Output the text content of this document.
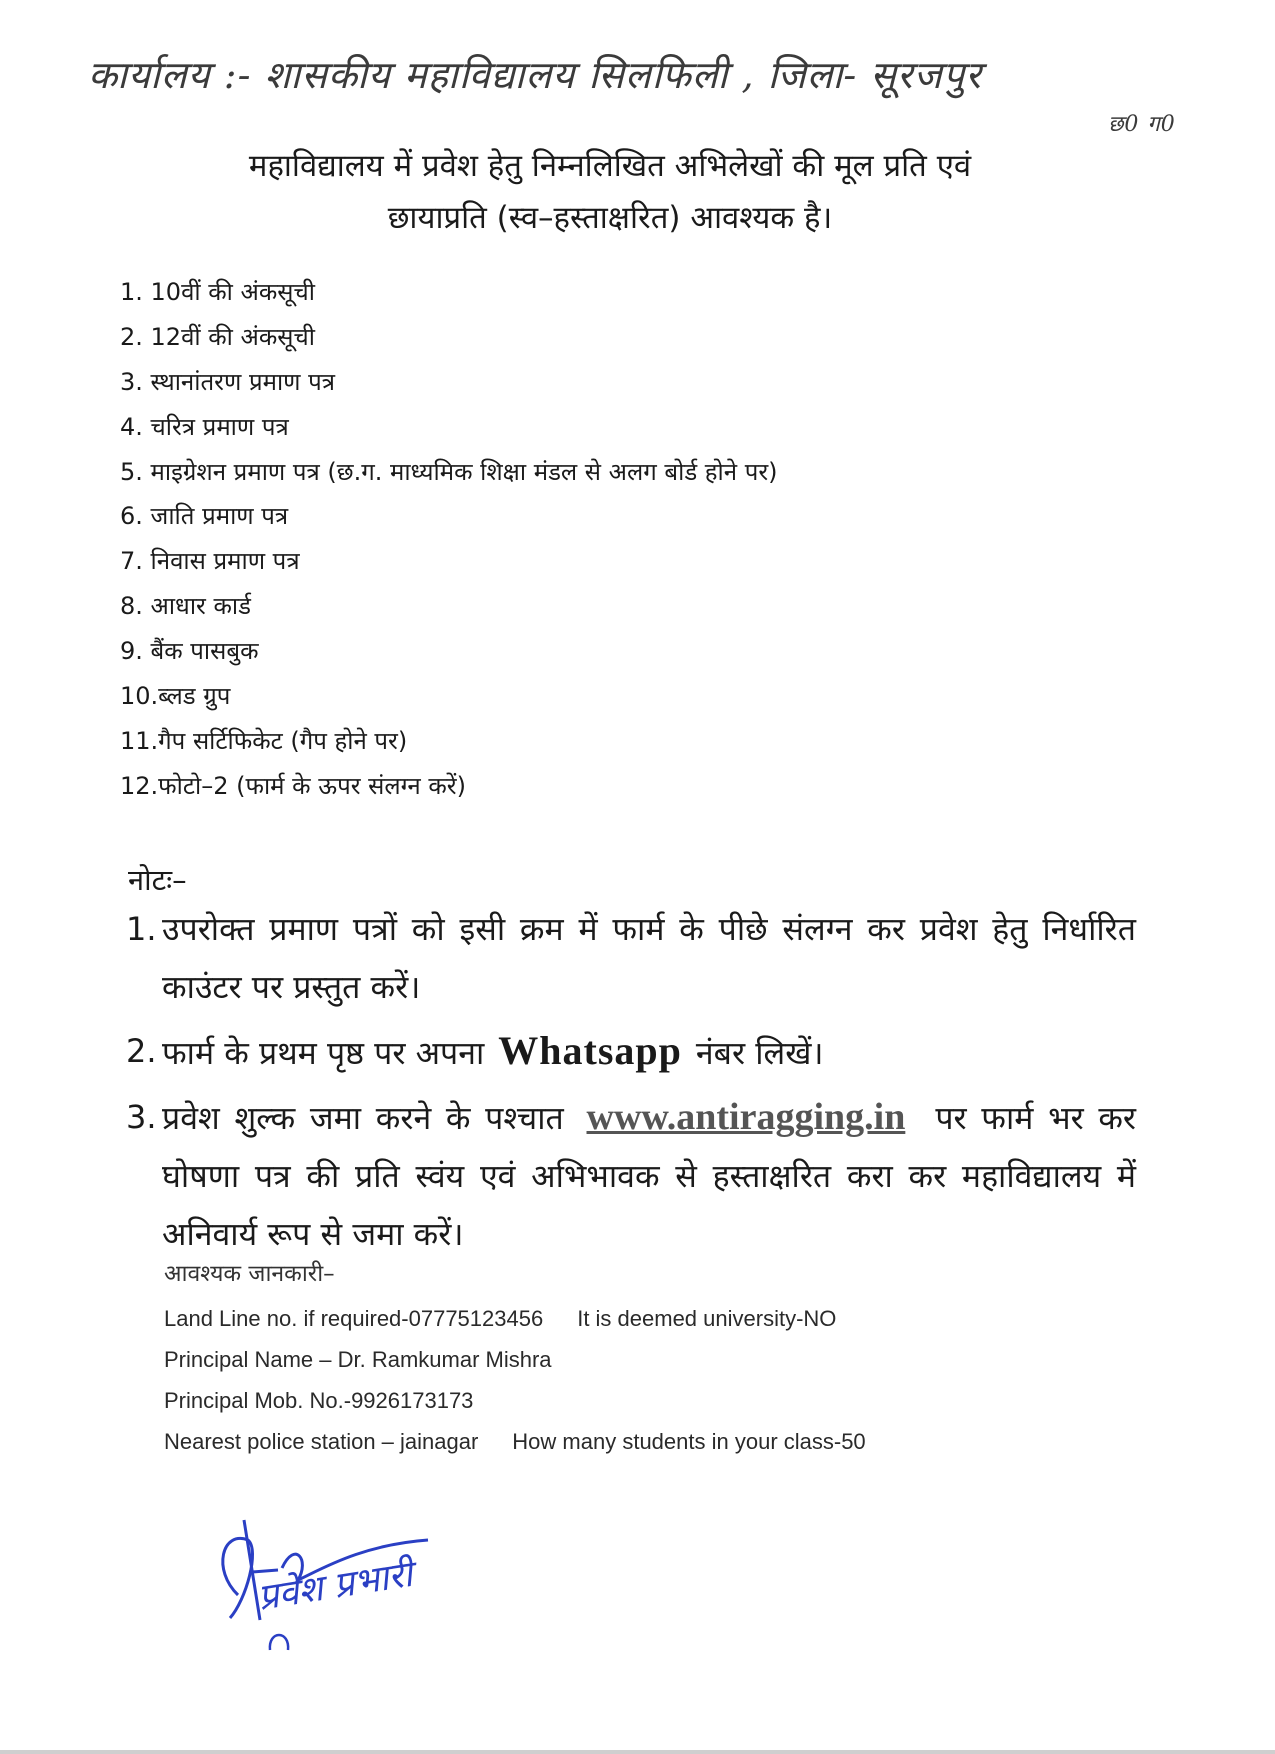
कार्यालय :- शासकीय महाविद्यालय सिलफिली , जिला- सूरजपुर
छ0 ग0
महाविद्यालय में प्रवेश हेतु निम्नलिखित अभिलेखों की मूल प्रति एवं
छायाप्रति (स्व–हस्ताक्षरित) आवश्यक है।
1. 10वीं की अंकसूची
2. 12वीं की अंकसूची
3. स्थानांतरण प्रमाण पत्र
4. चरित्र प्रमाण पत्र
5. माइग्रेशन प्रमाण पत्र (छ.ग. माध्यमिक शिक्षा मंडल से अलग बोर्ड होने पर)
6. जाति प्रमाण पत्र
7. निवास प्रमाण पत्र
8. आधार कार्ड
9. बैंक पासबुक
10.ब्लड ग्रुप
11.गैप सर्टिफिकेट (गैप होने पर)
12.फोटो–2 (फार्म के ऊपर संलग्न करें)
नोटः–
1. उपरोक्त प्रमाण पत्रों को इसी क्रम में फार्म के पीछे संलग्न कर प्रवेश हेतु निर्धारित काउंटर पर प्रस्तुत करें।
2. फार्म के प्रथम पृष्ठ पर अपना Whatsapp नंबर लिखें।
3. प्रवेश शुल्क जमा करने के पश्चात www.antiragging.in पर फार्म भर कर घोषणा पत्र की प्रति स्वंय एवं अभिभावक से हस्ताक्षरित करा कर महाविद्यालय में अनिवार्य रूप से जमा करें।
आवश्यक जानकारी–
Land Line no. if required-07775123456 It is deemed university-NO
Principal Name – Dr. Ramkumar Mishra
Principal Mob. No.-9926173173
Nearest police station – jainagar How many students in your class-50
प्रवेश प्रभारी
